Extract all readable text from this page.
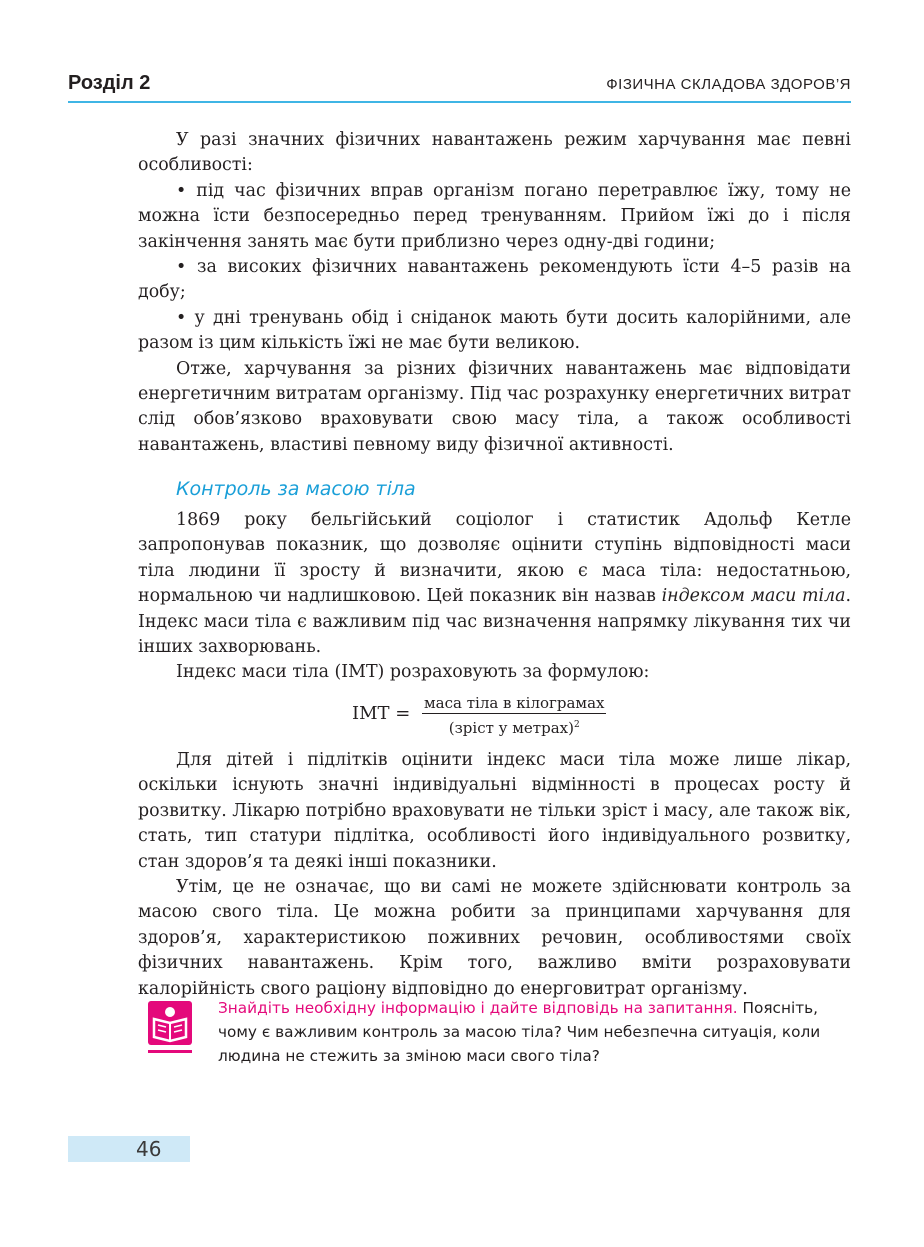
Розділ 2	ФІЗИЧНА СКЛАДОВА ЗДОРОВ’Я

У разі значних фізичних навантажень режим харчування має певні особливості:

• під час фізичних вправ організм погано перетравлює їжу, тому не можна їсти безпосередньо перед тренуванням. Прийом їжі до і після закінчення занять має бути приблизно через одну-дві години;

• за високих фізичних навантажень рекомендують їсти 4–5 разів на добу;

• у дні тренувань обід і сніданок мають бути досить калорійними, але разом із цим кількість їжі не має бути великою.

Отже, харчування за різних фізичних навантажень має відповідати енергетичним витратам організму. Під час розрахунку енергетичних витрат слід обов’язково враховувати свою масу тіла, а також особливості навантажень, властиві певному виду фізичної активності.

Контроль за масою тіла

1869 року бельгійський соціолог і статистик Адольф Кетле запропонував показник, що дозволяє оцінити ступінь відповідності маси тіла людини її зросту й визначити, якою є маса тіла: недостатньою, нормальною чи надлишковою. Цей показник він назвав індексом маси тіла. Індекс маси тіла є важливим під час визначення напрямку лікування тих чи інших захворювань.

Індекс маси тіла (ІМТ) розраховують за формулою:

ІМТ = маса тіла в кілограмах
(зріст у метрах)$^2$

Для дітей і підлітків оцінити індекс маси тіла може лише лікар, оскільки існують значні індивідуальні відмінності в процесах росту й розвитку. Лікарю потрібно враховувати не тільки зріст і масу, але також вік, стать, тип статури підлітка, особливості його індивідуального розвитку, стан здоров’я та деякі інші показники.

Утім, це не означає, що ви самі не можете здійснювати контроль за масою свого тіла. Це можна робити за принципами харчування для здоров’я, характеристикою поживних речовин, особливостями своїх фізичних навантажень. Крім того, важливо вміти розраховувати калорійність свого раціону відповідно до енерговитрат організму.

Знайдіть необхідну інформацію і дайте відповідь на запитання. Поясніть, чому є важливим контроль за масою тіла? Чим небезпечна ситуація, коли людина не стежить за зміною маси свого тіла?
46
